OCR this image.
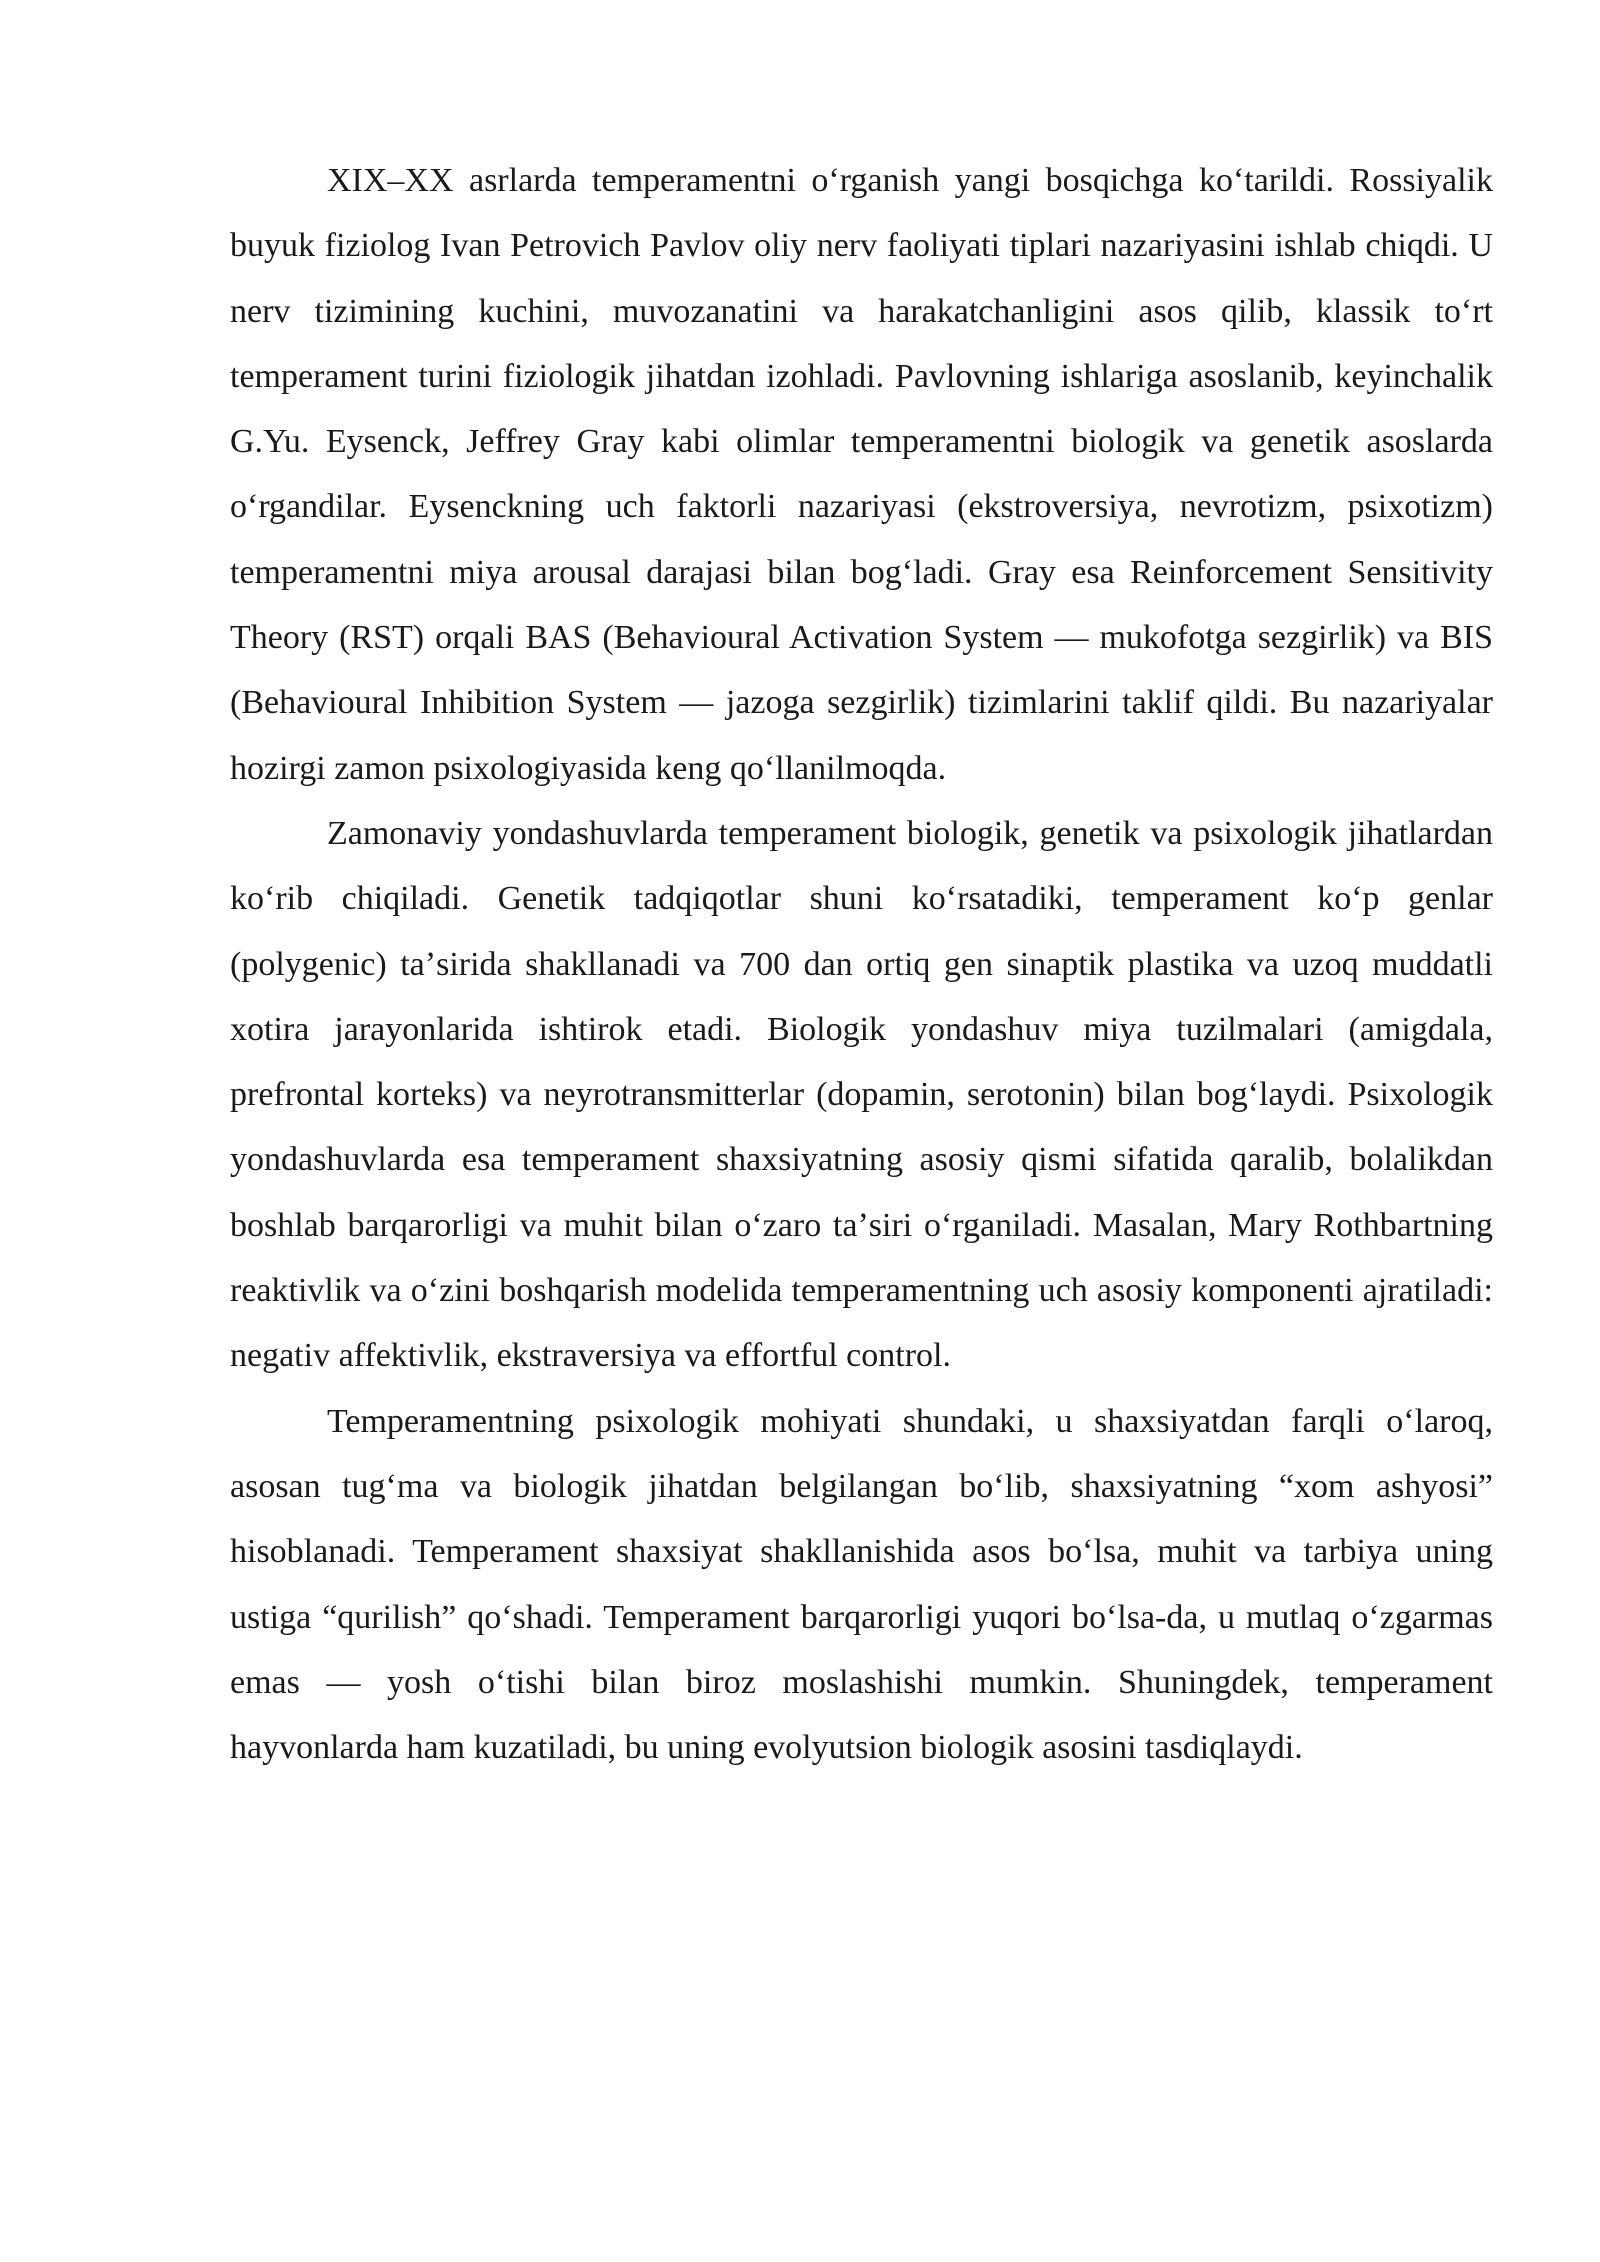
XIX–XX asrlarda temperamentni oʻrganish yangi bosqichga koʻtarildi. Rossiyalik buyuk fiziolog Ivan Petrovich Pavlov oliy nerv faoliyati tiplari nazariyasini ishlab chiqdi. U nerv tizimining kuchini, muvozanatini va harakatchanligini asos qilib, klassik toʻrt temperament turini fiziologik jihatdan izohladi. Pavlovning ishlariga asoslanib, keyinchalik G.Yu. Eysenck, Jeffrey Gray kabi olimlar temperamentni biologik va genetik asoslarda oʻrgandilar. Eysenckning uch faktorli nazariyasi (ekstroversiya, nevrotizm, psixotizm) temperamentni miya arousal darajasi bilan bogʻladi. Gray esa Reinforcement Sensitivity Theory (RST) orqali BAS (Behavioural Activation System — mukofotga sezgirlik) va BIS (Behavioural Inhibition System — jazoga sezgirlik) tizimlarini taklif qildi. Bu nazariyalar hozirgi zamon psixologiyasida keng qoʻllanilmoqda.

Zamonaviy yondashuvlarda temperament biologik, genetik va psixologik jihatlardan koʻrib chiqiladi. Genetik tadqiqotlar shuni koʻrsatadiki, temperament koʻp genlar (polygenic) taʼsirida shakllanadi va 700 dan ortiq gen sinaptik plastika va uzoq muddatli xotira jarayonlarida ishtirok etadi. Biologik yondashuv miya tuzilmalari (amigdala, prefrontal korteks) va neyrotransmitterlar (dopamin, serotonin) bilan bogʻlaydi. Psixologik yondashuvlarda esa temperament shaxsiyatning asosiy qismi sifatida qaralib, bolalikdan boshlab barqarorligi va muhit bilan oʻzaro taʼsiri oʻrganiladi. Masalan, Mary Rothbartning reaktivlik va oʻzini boshqarish modelida temperamentning uch asosiy komponenti ajratiladi: negativ affektivlik, ekstraversiya va effortful control.

Temperamentning psixologik mohiyati shundaki, u shaxsiyatdan farqli oʻlaroq, asosan tugʻma va biologik jihatdan belgilangan boʻlib, shaxsiyatning “xom ashyosi” hisoblanadi. Temperament shaxsiyat shakllanishida asos boʻlsa, muhit va tarbiya uning ustiga “qurilish” qoʻshadi. Temperament barqarorligi yuqori boʻlsa-da, u mutlaq oʻzgarmas emas — yosh oʻtishi bilan biroz moslashishi mumkin. Shuningdek, temperament hayvonlarda ham kuzatiladi, bu uning evolyutsion biologik asosini tasdiqlaydi.
